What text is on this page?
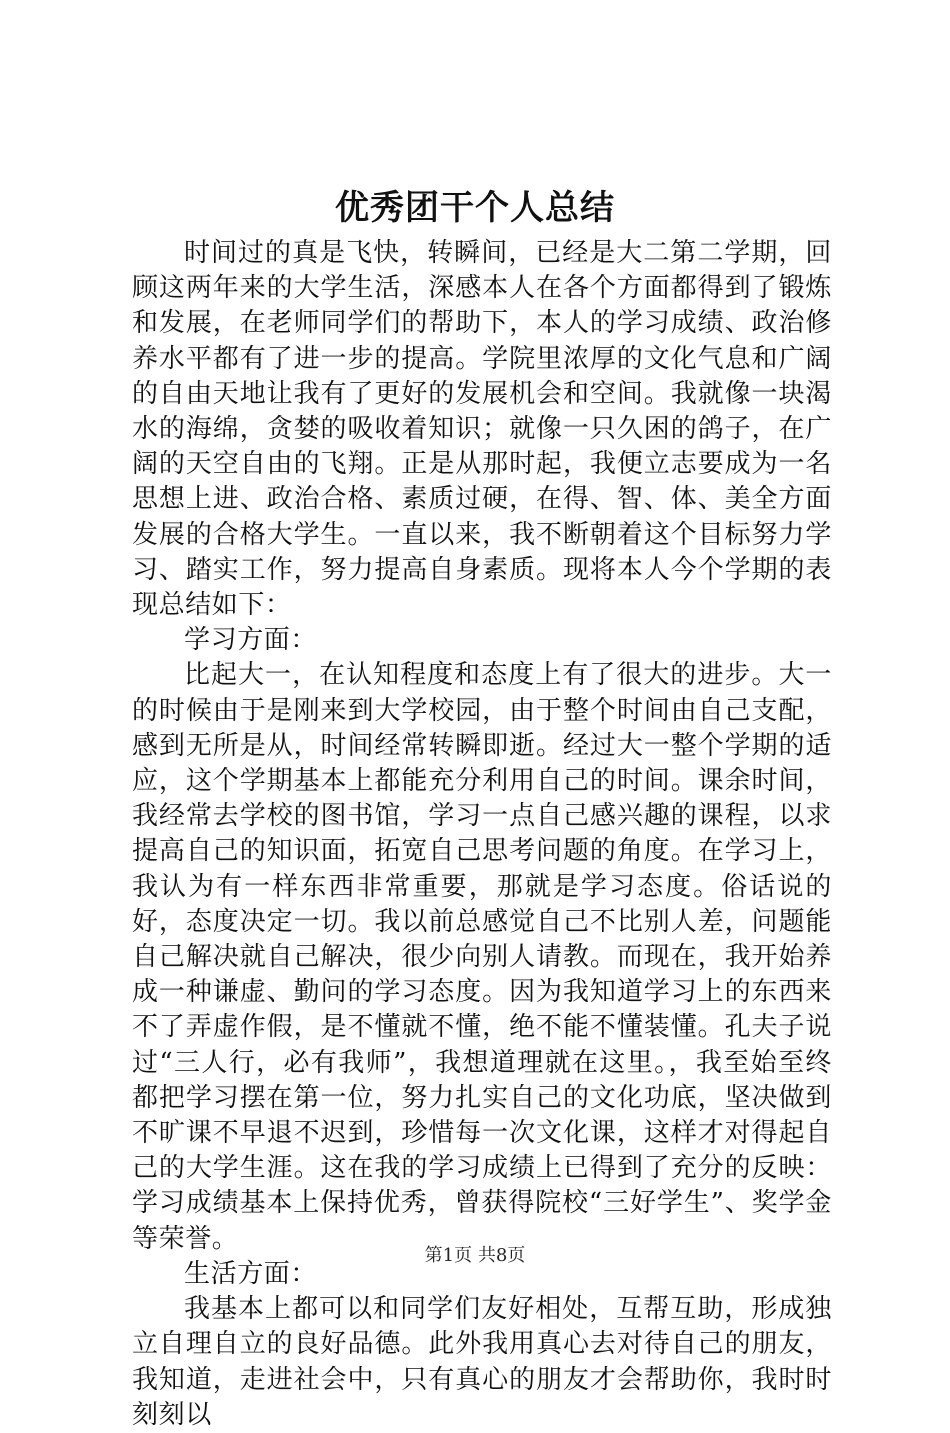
优秀团干个人总结

时间过的真是飞快，转瞬间，已经是大二第二学期，回顾这两年来的大学生活，深感本人在各个方面都得到了锻炼和发展，在老师同学们的帮助下，本人的学习成绩、政治修养水平都有了进一步的提高。学院里浓厚的文化气息和广阔的自由天地让我有了更好的发展机会和空间。我就像一块渴水的海绵，贪婪的吸收着知识；就像一只久困的鸽子，在广阔的天空自由的飞翔。正是从那时起，我便立志要成为一名思想上进、政治合格、素质过硬，在得、智、体、美全方面发展的合格大学生。一直以来，我不断朝着这个目标努力学习、踏实工作，努力提高自身素质。现将本人今个学期的表现总结如下：

学习方面：

比起大一，在认知程度和态度上有了很大的进步。大一的时候由于是刚来到大学校园，由于整个时间由自己支配，感到无所是从，时间经常转瞬即逝。经过大一整个学期的适应，这个学期基本上都能充分利用自己的时间。课余时间，我经常去学校的图书馆，学习一点自己感兴趣的课程，以求提高自己的知识面，拓宽自己思考问题的角度。在学习上，我认为有一样东西非常重要，那就是学习态度。俗话说的好，态度决定一切。我以前总感觉自己不比别人差，问题能自己解决就自己解决，很少向别人请教。而现在，我开始养成一种谦虚、勤问的学习态度。因为我知道学习上的东西来不了弄虚作假，是不懂就不懂，绝不能不懂装懂。孔夫子说过“三人行，必有我师”，我想道理就在这里。，我至始至终都把学习摆在第一位，努力扎实自己的文化功底，坚决做到不旷课不早退不迟到，珍惜每一次文化课，这样才对得起自己的大学生涯。这在我的学习成绩上已得到了充分的反映：学习成绩基本上保持优秀，曾获得院校“三好学生”、奖学金等荣誉。

生活方面：

我基本上都可以和同学们友好相处，互帮互助，形成独立自理自立的良好品德。此外我用真心去对待自己的朋友，我知道，走进社会中，只有真心的朋友才会帮助你，我时时刻刻以

第1页 共8页
